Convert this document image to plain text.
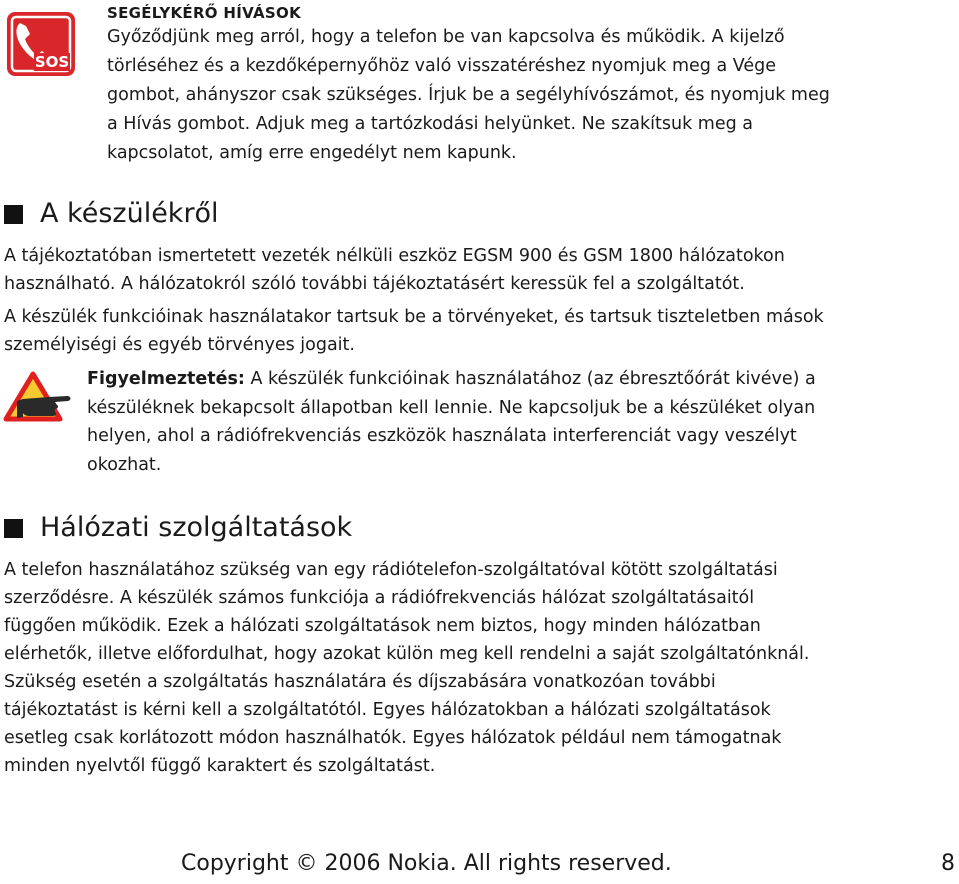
SOS
SEGÉLYKÉRŐ HÍVÁSOK
Győződjünk meg arról, hogy a telefon be van kapcsolva és működik. A kijelző
törléséhez és a kezdőképernyőhöz való visszatéréshez nyomjuk meg a Vége
gombot, ahányszor csak szükséges. Írjuk be a segélyhívószámot, és nyomjuk meg
a Hívás gombot. Adjuk meg a tartózkodási helyünket. Ne szakítsuk meg a
kapcsolatot, amíg erre engedélyt nem kapunk.
A készülékről
A tájékoztatóban ismertetett vezeték nélküli eszköz EGSM 900 és GSM 1800 hálózatokon
használható. A hálózatokról szóló további tájékoztatásért keressük fel a szolgáltatót.
A készülék funkcióinak használatakor tartsuk be a törvényeket, és tartsuk tiszteletben mások
személyiségi és egyéb törvényes jogait.
Figyelmeztetés: A készülék funkcióinak használatához (az ébresztőórát kivéve) a
készüléknek bekapcsolt állapotban kell lennie. Ne kapcsoljuk be a készüléket olyan
helyen, ahol a rádiófrekvenciás eszközök használata interferenciát vagy veszélyt
okozhat.
Hálózati szolgáltatások
A telefon használatához szükség van egy rádiótelefon-szolgáltatóval kötött szolgáltatási
szerződésre. A készülék számos funkciója a rádiófrekvenciás hálózat szolgáltatásaitól
függően működik. Ezek a hálózati szolgáltatások nem biztos, hogy minden hálózatban
elérhetők, illetve előfordulhat, hogy azokat külön meg kell rendelni a saját szolgáltatónknál.
Szükség esetén a szolgáltatás használatára és díjszabására vonatkozóan további
tájékoztatást is kérni kell a szolgáltatótól. Egyes hálózatokban a hálózati szolgáltatások
esetleg csak korlátozott módon használhatók. Egyes hálózatok például nem támogatnak
minden nyelvtől függő karaktert és szolgáltatást.
Copyright © 2006 Nokia. All rights reserved.	8
